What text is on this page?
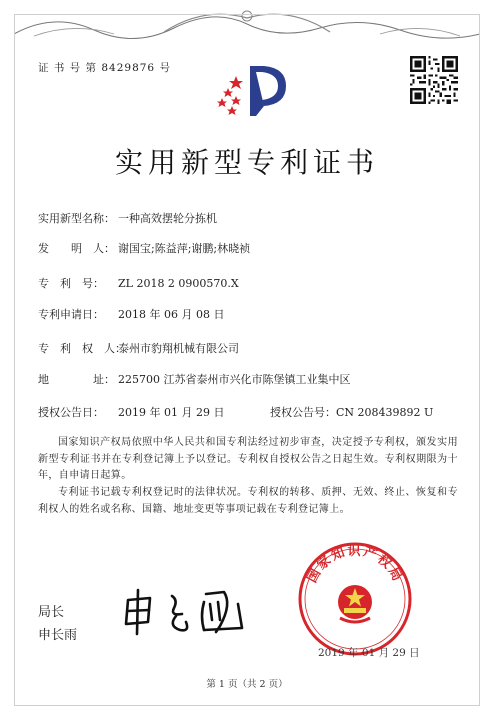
证 书 号 第 8429876 号
实用新型专利证书
实用新型名称： 一种高效摆轮分拣机
发　　明　人： 谢国宝;陈益萍;谢鹏;林晓祯
专　利　号： ZL 2018 2 0900570.X
专利申请日： 2018 年 06 月 08 日
专　利　权　人：泰州市豹翔机械有限公司
地　　　　址： 225700 江苏省泰州市兴化市陈堡镇工业集中区
授权公告日： 2019 年 01 月 29 日	授权公告号：CN 208439892 U
国家知识产权局依照中华人民共和国专利法经过初步审查，决定授予专利权，颁发实用新型专利证书并在专利登记簿上予以登记。专利权自授权公告之日起生效。专利权期限为十年，自申请日起算。
专利证书记载专利权登记时的法律状况。专利权的转移、质押、无效、终止、恢复和专利权人的姓名或名称、国籍、地址变更等事项记载在专利登记簿上。
局长
申长雨
国家知识产权局
2019 年 01 月 29 日
第 1 页（共 2 页）
